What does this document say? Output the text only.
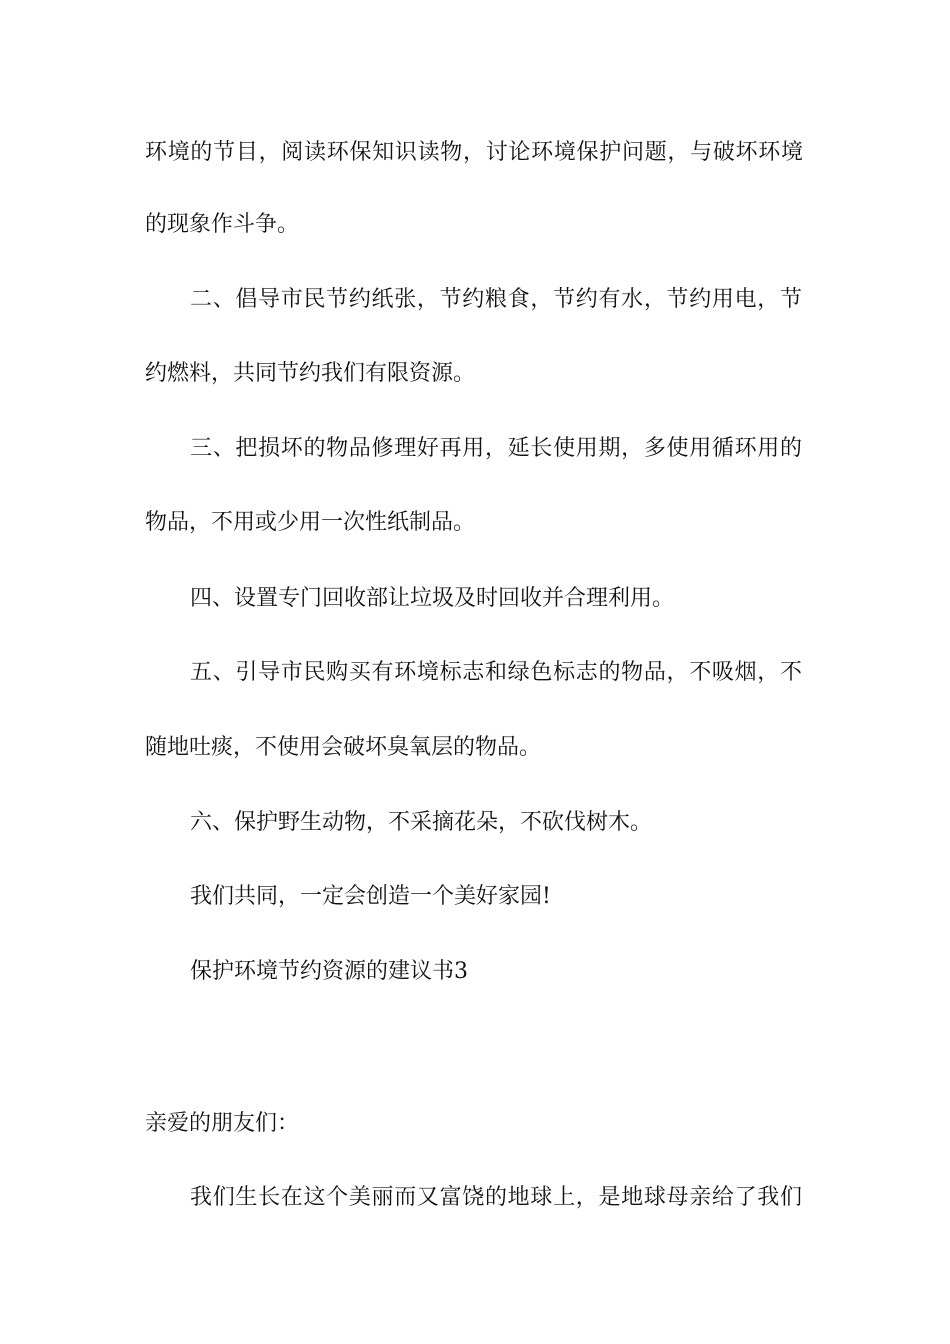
环境的节目，阅读环保知识读物，讨论环境保护问题，与破坏环境
的现象作斗争。
二、倡导市民节约纸张，节约粮食，节约有水，节约用电，节
约燃料，共同节约我们有限资源。
三、把损坏的物品修理好再用，延长使用期，多使用循环用的
物品，不用或少用一次性纸制品。
四、设置专门回收部让垃圾及时回收并合理利用。
五、引导市民购买有环境标志和绿色标志的物品，不吸烟，不
随地吐痰，不使用会破坏臭氧层的物品。
六、保护野生动物，不采摘花朵，不砍伐树木。
我们共同，一定会创造一个美好家园!
保护环境节约资源的建议书3
亲爱的朋友们：
我们生长在这个美丽而又富饶的地球上，是地球母亲给了我们
